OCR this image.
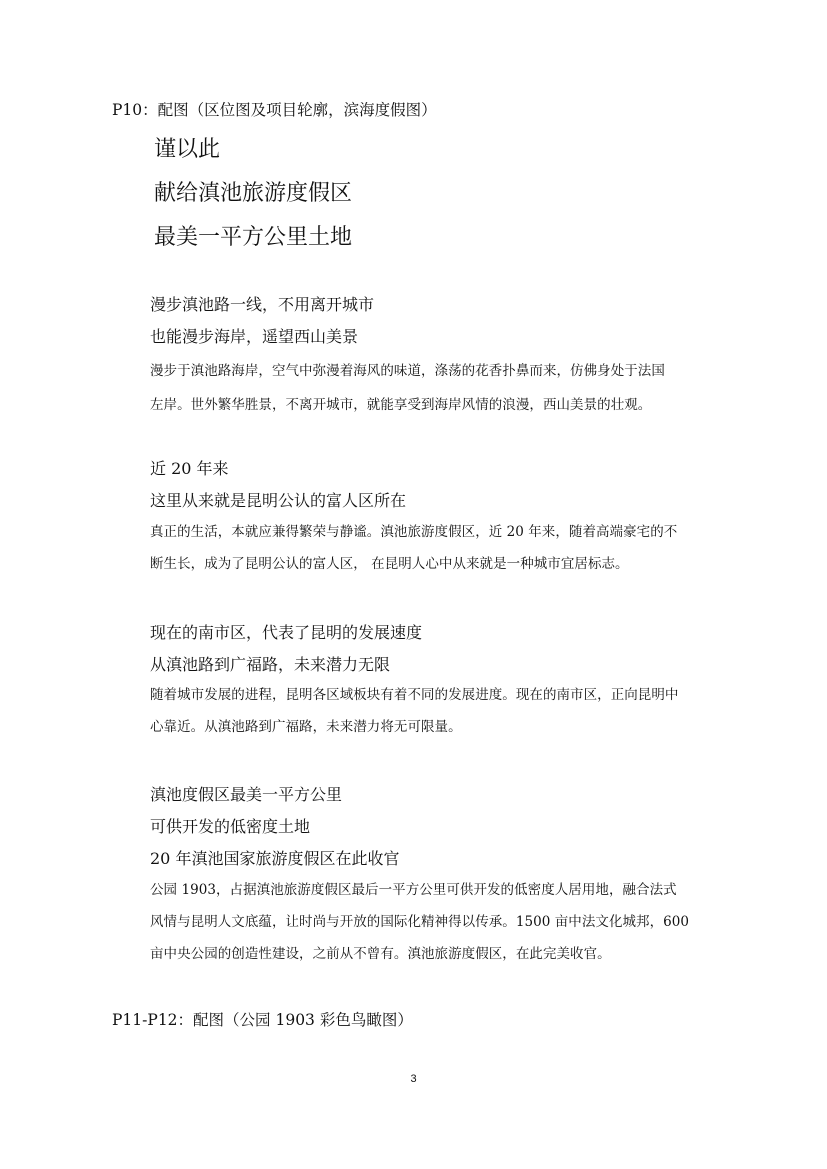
P10：配图（区位图及项目轮廓，滨海度假图）
谨以此
献给滇池旅游度假区
最美一平方公里土地
漫步滇池路一线，不用离开城市
也能漫步海岸，遥望西山美景
漫步于滇池路海岸，空气中弥漫着海风的味道，涤荡的花香扑鼻而来，仿佛身处于法国
左岸。世外繁华胜景，不离开城市，就能享受到海岸风情的浪漫，西山美景的壮观。
近 20 年来
这里从来就是昆明公认的富人区所在
真正的生活，本就应兼得繁荣与静谧。滇池旅游度假区，近 20 年来，随着高端豪宅的不
断生长，成为了昆明公认的富人区， 在昆明人心中从来就是一种城市宜居标志。
现在的南市区，代表了昆明的发展速度
从滇池路到广福路，未来潜力无限
随着城市发展的进程，昆明各区域板块有着不同的发展进度。现在的南市区，正向昆明中
心靠近。从滇池路到广福路，未来潜力将无可限量。
滇池度假区最美一平方公里
可供开发的低密度土地
20 年滇池国家旅游度假区在此收官
公园 1903，占据滇池旅游度假区最后一平方公里可供开发的低密度人居用地，融合法式
风情与昆明人文底蕴，让时尚与开放的国际化精神得以传承。1500 亩中法文化城邦，600
亩中央公园的创造性建设，之前从不曾有。滇池旅游度假区，在此完美收官。
P11-P12：配图（公园 1903 彩色鸟瞰图）
3
